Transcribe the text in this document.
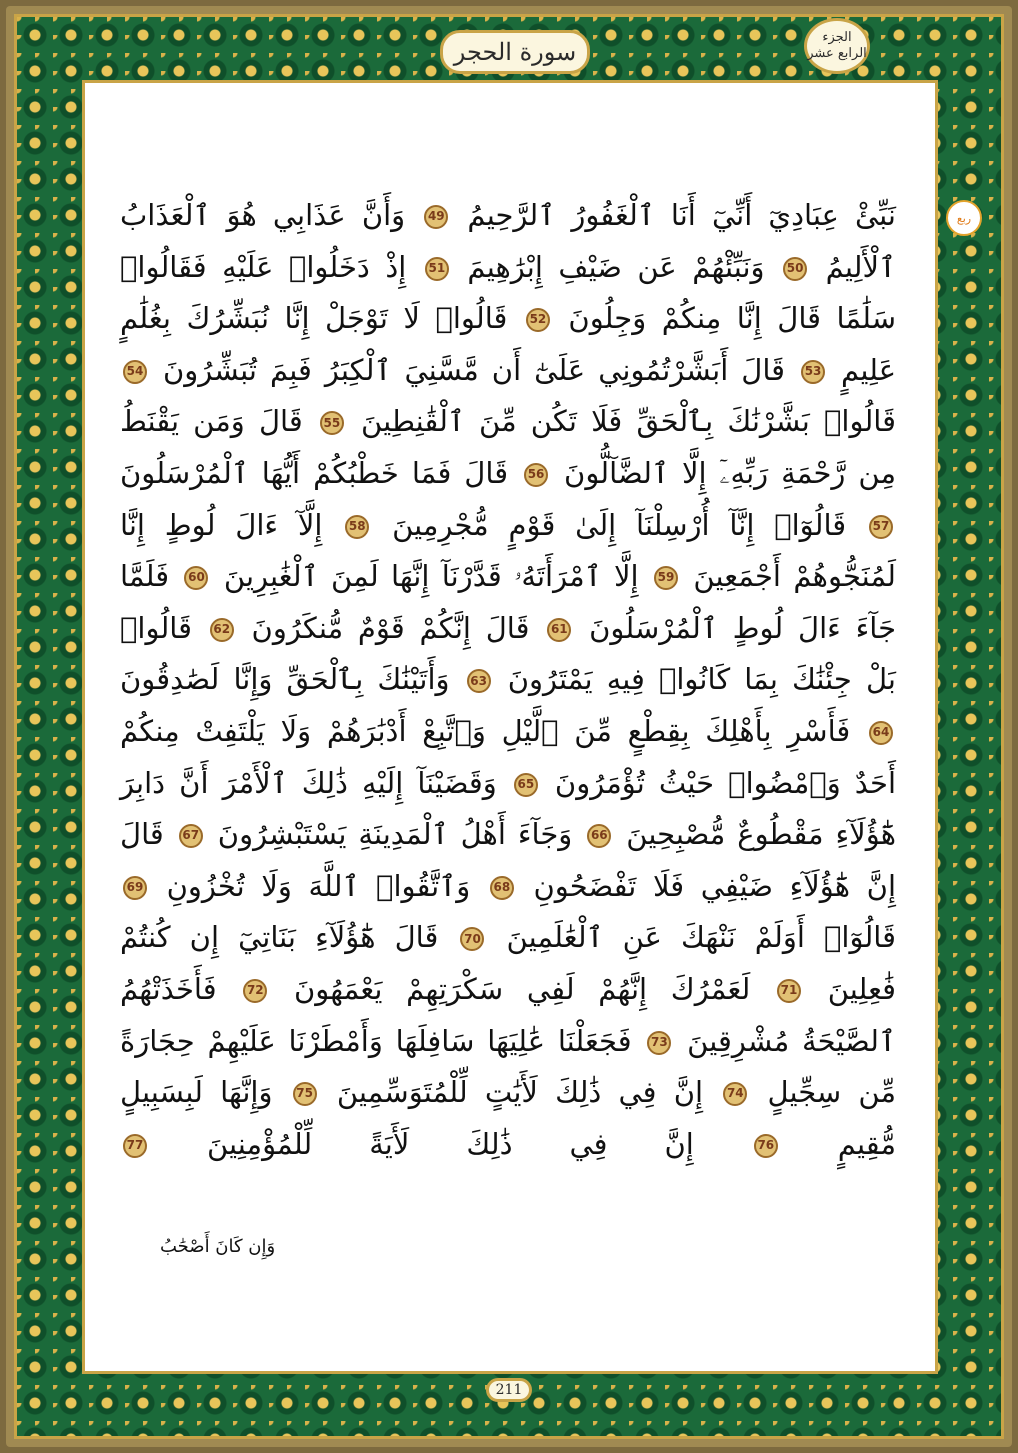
سورة الحجر
الجزء
الرابع عشر
ربع
نَبِّئْ عِبَادِيٓ أَنِّيٓ أَنَا ٱلْغَفُورُ ٱلرَّحِيمُ 49 وَأَنَّ عَذَابِي هُوَ ٱلْعَذَابُ ٱلْأَلِيمُ 50 وَنَبِّئْهُمْ عَن ضَيْفِ إِبْرَٰهِيمَ 51 إِذْ دَخَلُوا۟ عَلَيْهِ فَقَالُوا۟ سَلَٰمًا قَالَ إِنَّا مِنكُمْ وَجِلُونَ 52 قَالُوا۟ لَا تَوْجَلْ إِنَّا نُبَشِّرُكَ بِغُلَٰمٍ عَلِيمٍ 53 قَالَ أَبَشَّرْتُمُونِي عَلَىٰٓ أَن مَّسَّنِيَ ٱلْكِبَرُ فَبِمَ تُبَشِّرُونَ 54 قَالُوا۟ بَشَّرْنَٰكَ بِٱلْحَقِّ فَلَا تَكُن مِّنَ ٱلْقَٰنِطِينَ 55 قَالَ وَمَن يَقْنَطُ مِن رَّحْمَةِ رَبِّهِۦٓ إِلَّا ٱلضَّآلُّونَ 56 قَالَ فَمَا خَطْبُكُمْ أَيُّهَا ٱلْمُرْسَلُونَ 57 قَالُوٓا۟ إِنَّآ أُرْسِلْنَآ إِلَىٰ قَوْمٍ مُّجْرِمِينَ 58 إِلَّآ ءَالَ لُوطٍ إِنَّا لَمُنَجُّوهُمْ أَجْمَعِينَ 59 إِلَّا ٱمْرَأَتَهُۥ قَدَّرْنَآ إِنَّهَا لَمِنَ ٱلْغَٰبِرِينَ 60 فَلَمَّا جَآءَ ءَالَ لُوطٍ ٱلْمُرْسَلُونَ 61 قَالَ إِنَّكُمْ قَوْمٌ مُّنكَرُونَ 62 قَالُوا۟ بَلْ جِئْنَٰكَ بِمَا كَانُوا۟ فِيهِ يَمْتَرُونَ 63 وَأَتَيْنَٰكَ بِٱلْحَقِّ وَإِنَّا لَصَٰدِقُونَ 64 فَأَسْرِ بِأَهْلِكَ بِقِطْعٍ مِّنَ ٱلَّيْلِ وَٱتَّبِعْ أَدْبَٰرَهُمْ وَلَا يَلْتَفِتْ مِنكُمْ أَحَدٌ وَٱمْضُوا۟ حَيْثُ تُؤْمَرُونَ 65 وَقَضَيْنَآ إِلَيْهِ ذَٰلِكَ ٱلْأَمْرَ أَنَّ دَابِرَ هَٰٓؤُلَآءِ مَقْطُوعٌ مُّصْبِحِينَ 66 وَجَآءَ أَهْلُ ٱلْمَدِينَةِ يَسْتَبْشِرُونَ 67 قَالَ إِنَّ هَٰٓؤُلَآءِ ضَيْفِي فَلَا تَفْضَحُونِ 68 وَٱتَّقُوا۟ ٱللَّهَ وَلَا تُخْزُونِ 69 قَالُوٓا۟ أَوَلَمْ نَنْهَكَ عَنِ ٱلْعَٰلَمِينَ 70 قَالَ هَٰٓؤُلَآءِ بَنَاتِيٓ إِن كُنتُمْ فَٰعِلِينَ 71 لَعَمْرُكَ إِنَّهُمْ لَفِي سَكْرَتِهِمْ يَعْمَهُونَ 72 فَأَخَذَتْهُمُ ٱلصَّيْحَةُ مُشْرِقِينَ 73 فَجَعَلْنَا عَٰلِيَهَا سَافِلَهَا وَأَمْطَرْنَا عَلَيْهِمْ حِجَارَةً مِّن سِجِّيلٍ 74 إِنَّ فِي ذَٰلِكَ لَأَيَٰتٍ لِّلْمُتَوَسِّمِينَ 75 وَإِنَّهَا لَبِسَبِيلٍ مُّقِيمٍ 76 إِنَّ فِي ذَٰلِكَ لَأَيَةً لِّلْمُؤْمِنِينَ 77
وَإِن كَانَ أَصْحَٰبُ
211
